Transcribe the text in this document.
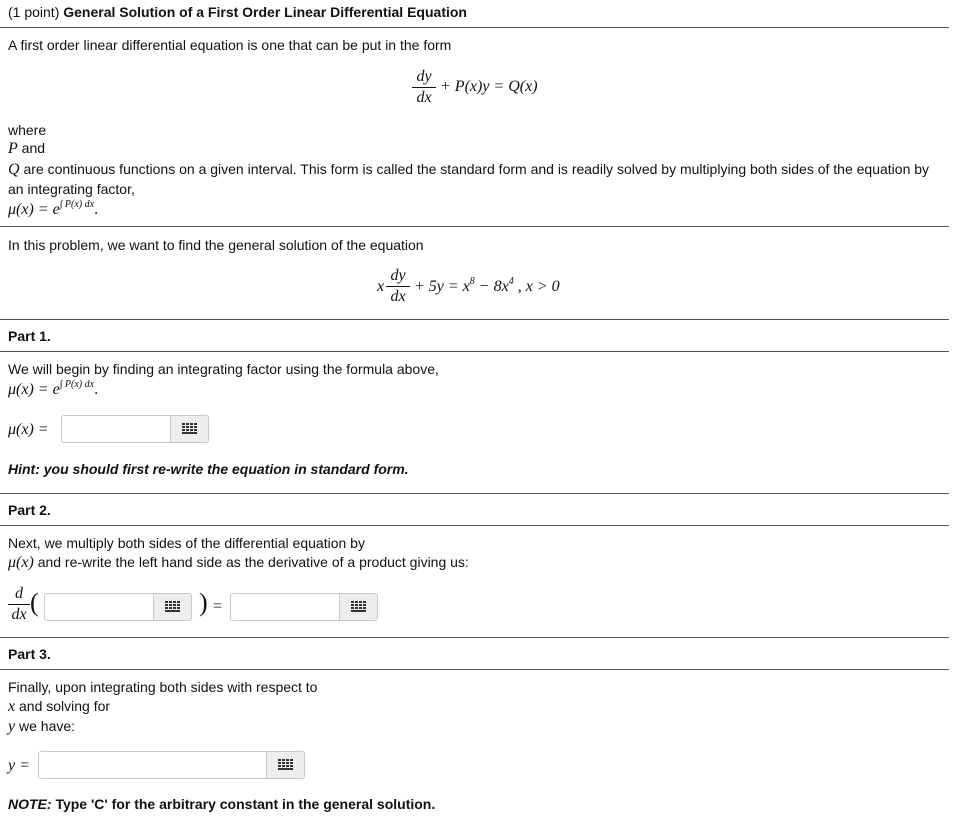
(1 point) General Solution of a First Order Linear Differential Equation
A first order linear differential equation is one that can be put in the form
dy
dx
+ P(x)y = Q(x)
where
P and
Q are continuous functions on a given interval. This form is called the standard form and is readily solved by multiplying both sides of the equation by
an integrating factor,
$\mu(x) = e^{\int P(x) dx}$.
In this problem, we want to find the general solution of the equation
x
dy
dx
+ $5y = x^8 - 8x^4$ , x > 0
Part 1.
We will begin by finding an integrating factor using the formula above,
$\mu(x) = e^{\int P(x) dx}$.
μ(x) =
Hint: you should first re-write the equation in standard form.
Part 2.
Next, we multiply both sides of the differential equation by
μ(x) and re-write the left hand side as the derivative of a product giving us:
d
dx (	) =
Part 3.
Finally, upon integrating both sides with respect to
x and solving for
y we have:
y =
NOTE: Type 'C' for the arbitrary constant in the general solution.
